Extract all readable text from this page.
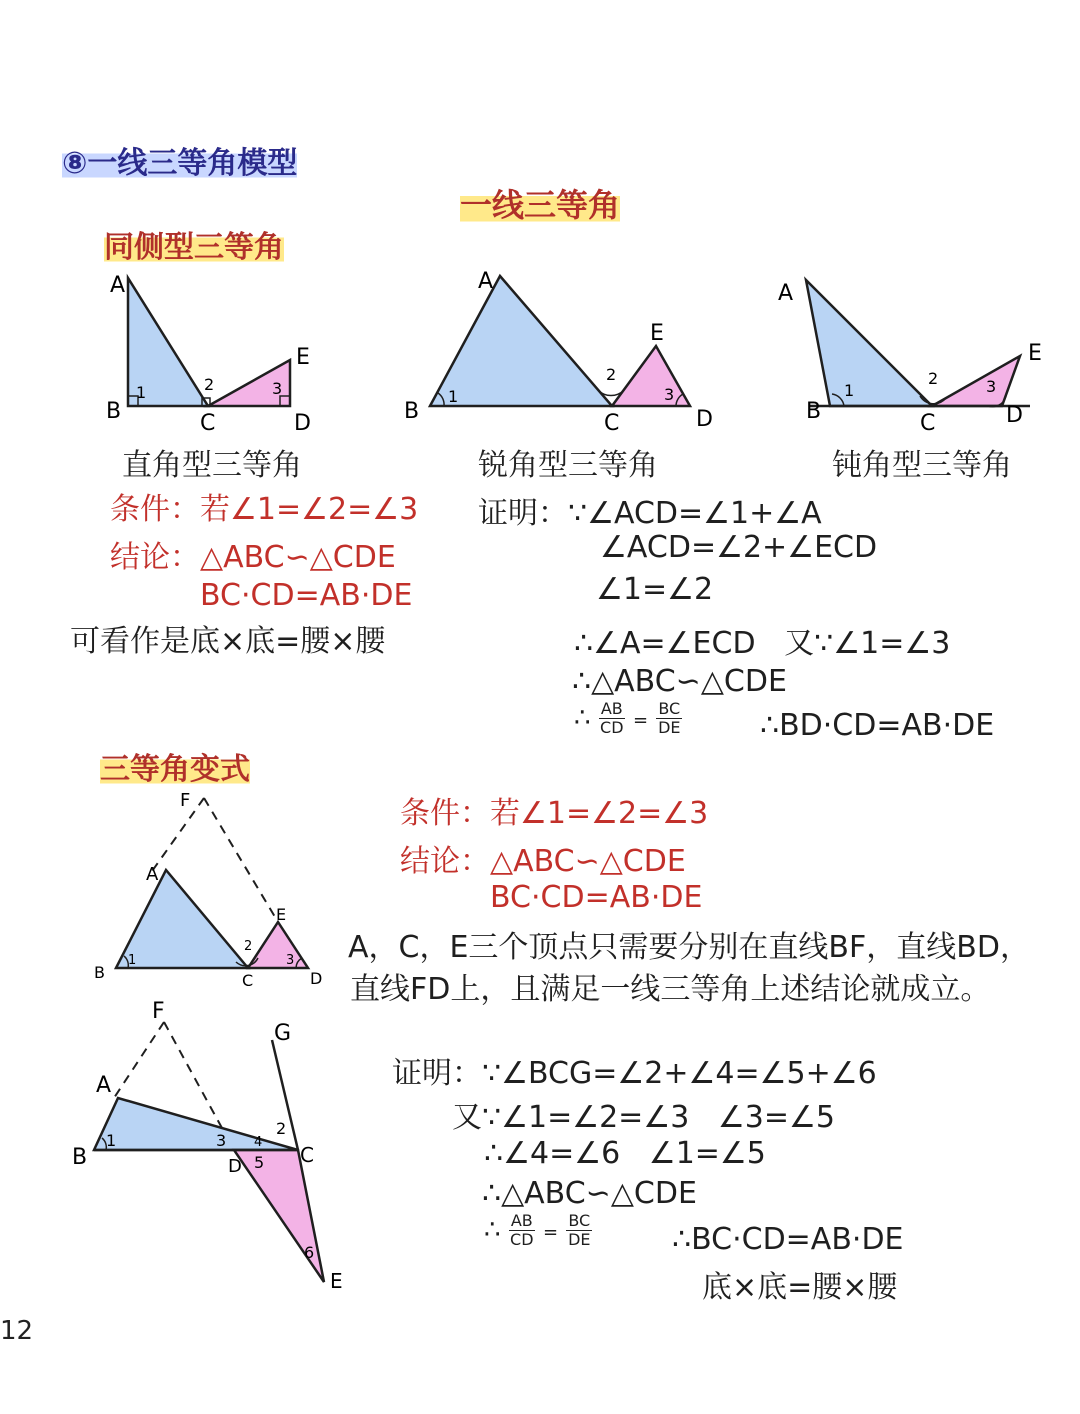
⑧一线三等角模型
一线三等角
同侧型三等角
A
B	C	D
E
1	2	3
直角型三等角
A
B	C	D
E
1
2
3
锐角型三等角
A
B	C	D
E
1
2	3
钝角型三等角
条件：若∠1=∠2=∠3
结论：△ABC∽△CDE
BC·CD=AB·DE
可看作是底×底=腰×腰
证明：∵∠ACD=∠1+∠A
∠ACD=∠2+∠ECD
∠1=∠2
∴∠A=∠ECD   又∵∠1=∠3
∴△ABC∽△CDE
∴ $\frac{AB}{CD} = \frac{BC}{DE}$	∴BD·CD=AB·DE
三等角变式
F
A
B	C	D
E
1
2
3
条件：若∠1=∠2=∠3
结论：△ABC∽△CDE
BC·CD=AB·DE
A，C，E三个顶点只需要分别在直线BF，直线BD，
直线FD上，且满足一线三等角上述结论就成立。
A
F
G
B	C
D
E
1
2
3 4
5
6
证明：∵∠BCG=∠2+∠4=∠5+∠6
又∵∠1=∠2=∠3   ∠3=∠5
∴∠4=∠6   ∠1=∠5
∴△ABC∽△CDE
∴ $\frac{AB}{CD} = \frac{BC}{DE}$	∴BC·CD=AB·DE
底×底=腰×腰
12
